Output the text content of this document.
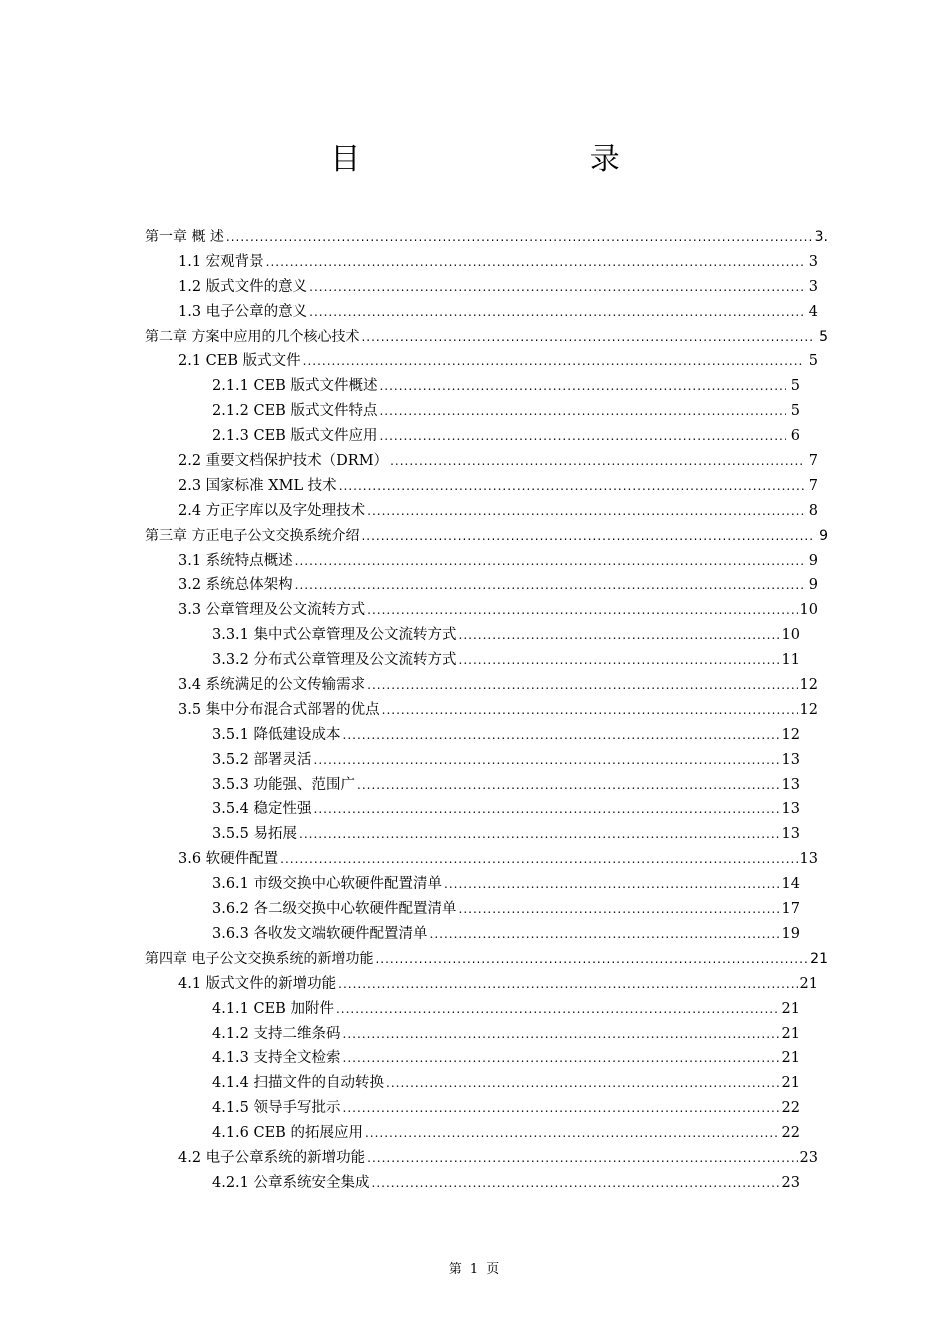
目 录
第一章 概 述 .....	3.
1.1 宏观背景 .....	3
1.2 版式文件的意义 .....	3
1.3 电子公章的意义 .....	4
第二章 方案中应用的几个核心技术 .....	5
2.1 CEB 版式文件 .....	5
2.1.1 CEB 版式文件概述 .....	5
2.1.2 CEB 版式文件特点 .....	5
2.1.3 CEB 版式文件应用 .....	6
2.2 重要文档保护技术（DRM） .....	7
2.3 国家标准 XML 技术 .....	7
2.4 方正字库以及字处理技术 .....	8
第三章 方正电子公文交换系统介绍 .....	9
3.1 系统特点概述 .....	9
3.2 系统总体架构 .....	9
3.3 公章管理及公文流转方式 .....	10
3.3.1 集中式公章管理及公文流转方式 .....	10
3.3.2 分布式公章管理及公文流转方式 .....	11
3.4 系统满足的公文传输需求 .....	12
3.5 集中分布混合式部署的优点 .....	12
3.5.1 降低建设成本 .....	12
3.5.2 部署灵活 .....	13
3.5.3 功能强、范围广 .....	13
3.5.4 稳定性强 .....	13
3.5.5 易拓展 .....	13
3.6 软硬件配置 .....	13
3.6.1 市级交换中心软硬件配置清单 .....	14
3.6.2 各二级交换中心软硬件配置清单 .....	17
3.6.3 各收发文端软硬件配置清单 .....	19
第四章 电子公文交换系统的新增功能 .....	21
4.1 版式文件的新增功能 .....	21
4.1.1 CEB 加附件 .....	21
4.1.2 支持二维条码 .....	21
4.1.3 支持全文检索 .....	21
4.1.4 扫描文件的自动转换 .....	21
4.1.5 领导手写批示 .....	22
4.1.6 CEB 的拓展应用 .....	22
4.2 电子公章系统的新增功能 .....	23
4.2.1 公章系统安全集成 .....	23
第 1 页
